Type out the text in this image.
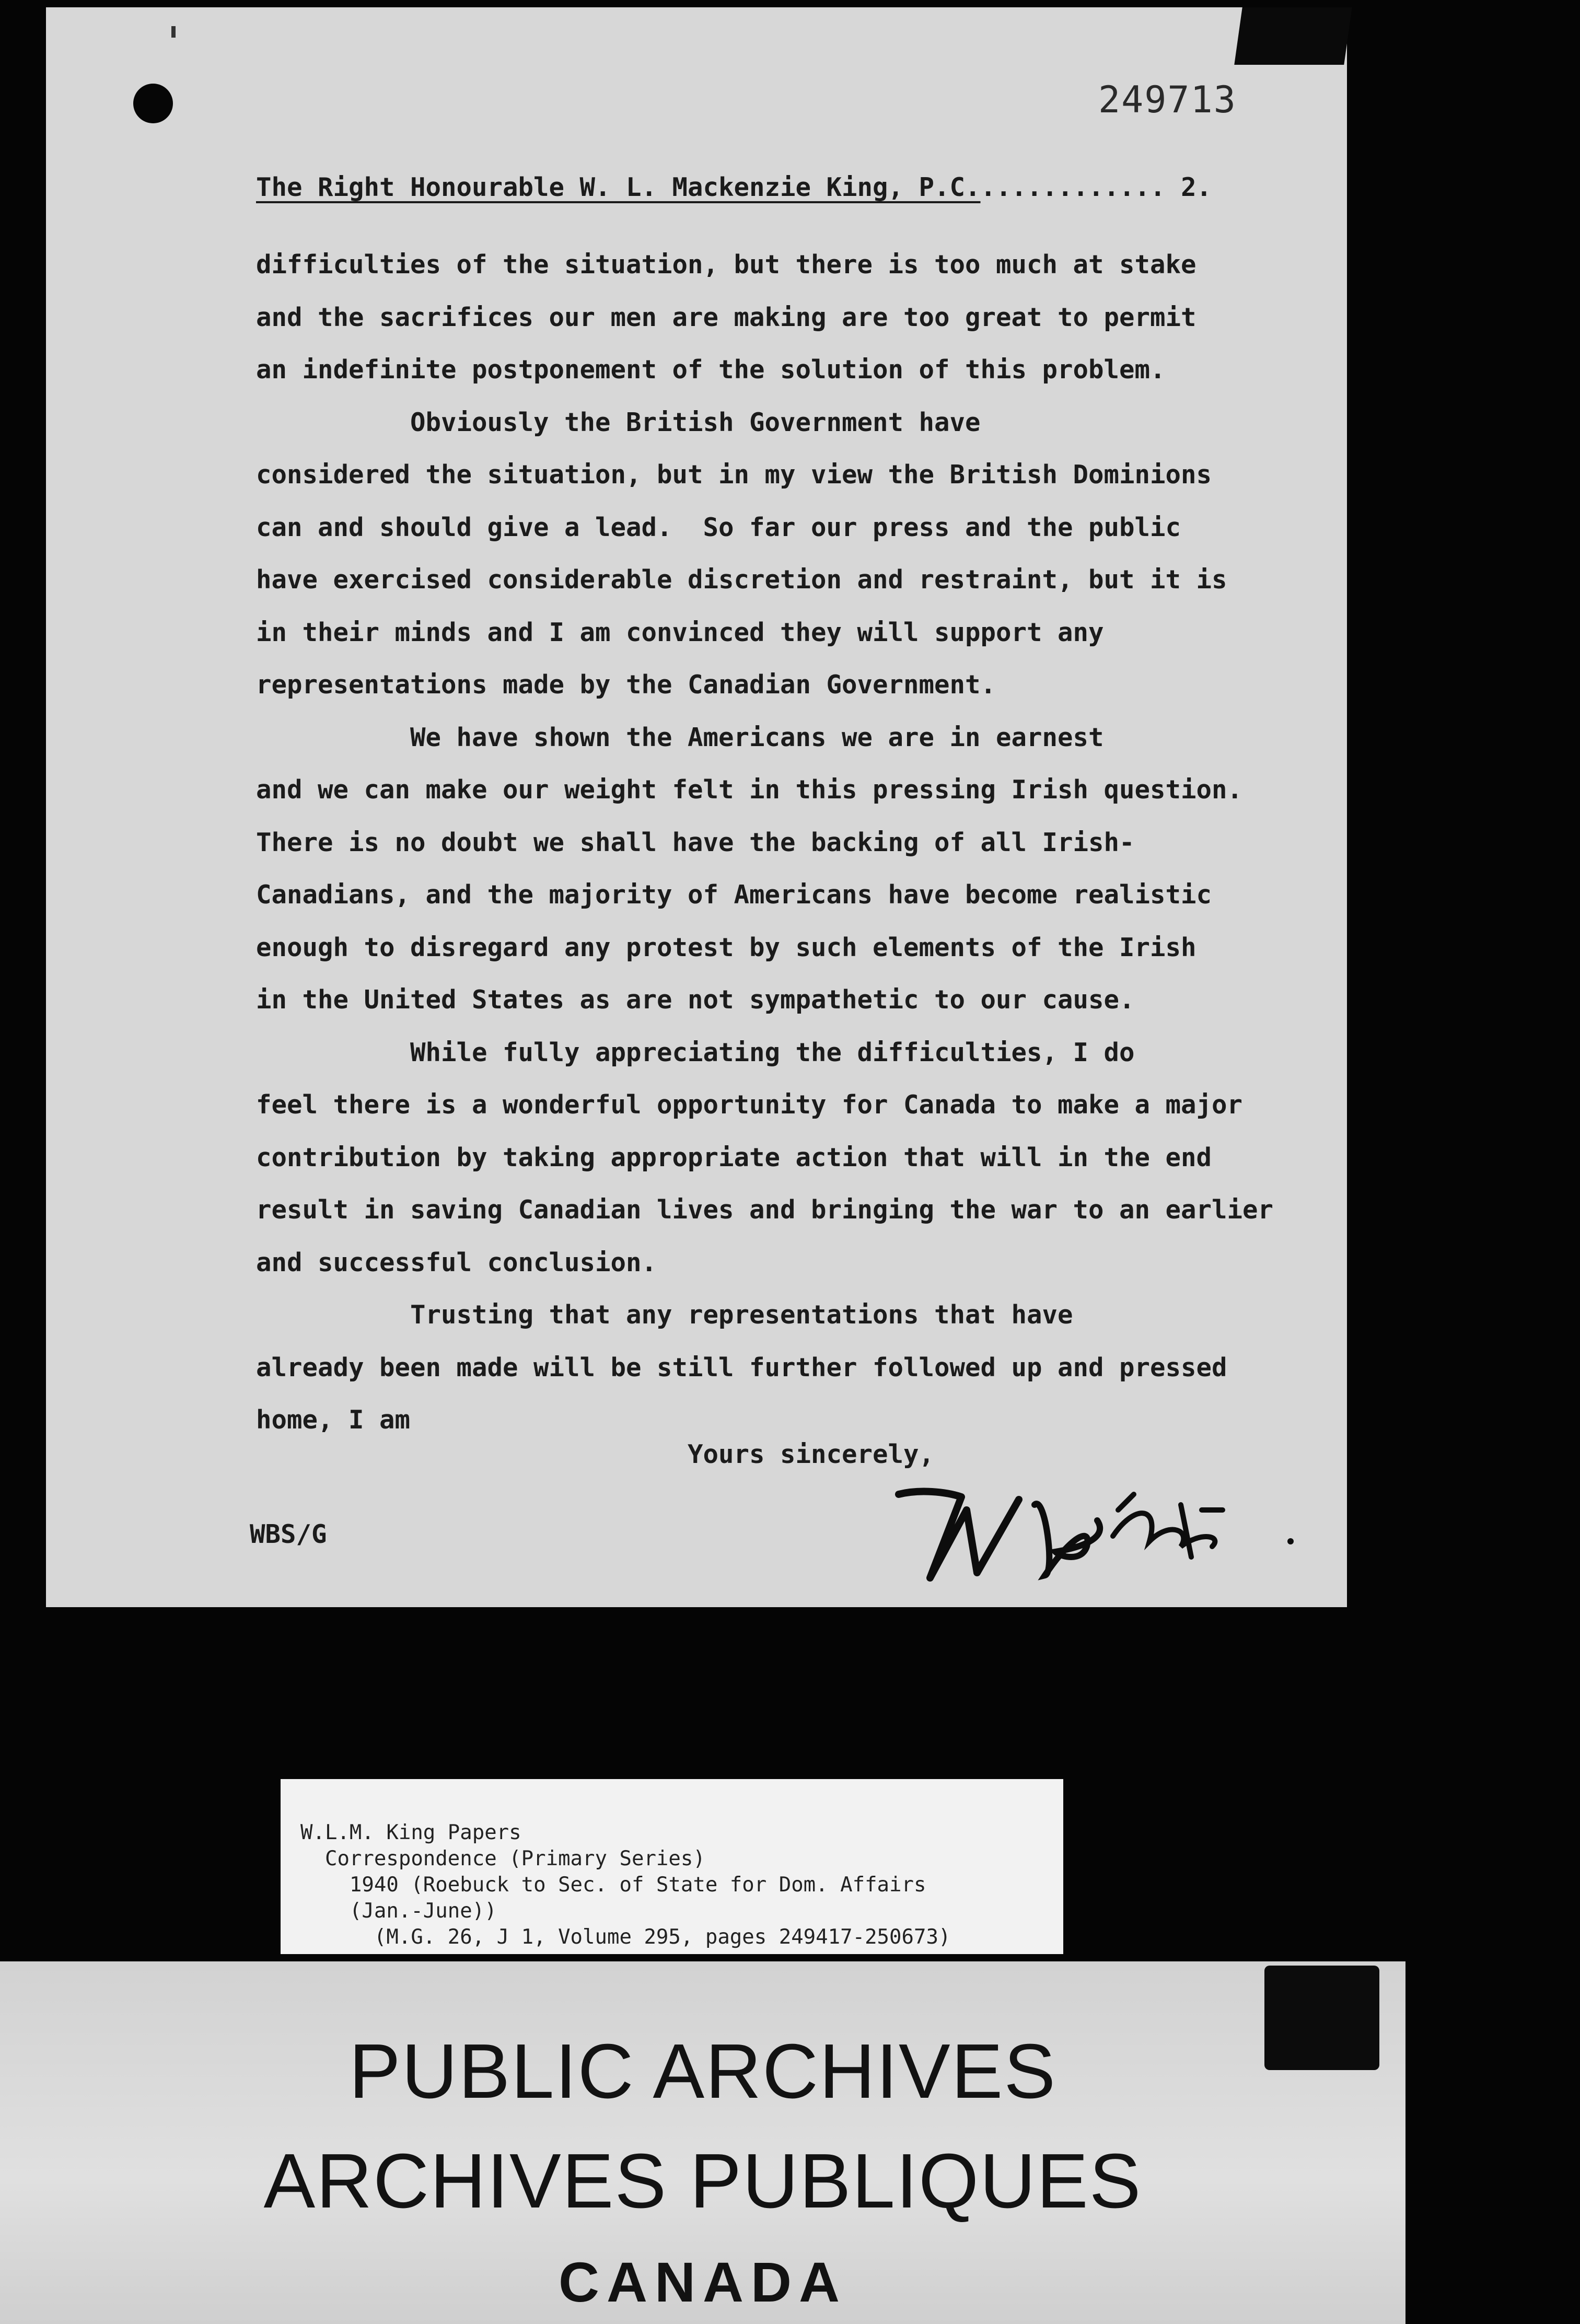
249713
The Right Honourable W. L. Mackenzie King, P.C............. 2.
difficulties of the situation, but there is too much at stake
and the sacrifices our men are making are too great to permit
an indefinite postponement of the solution of this problem.
Obviously the British Government have
considered the situation, but in my view the British Dominions
can and should give a lead.  So far our press and the public
have exercised considerable discretion and restraint, but it is
in their minds and I am convinced they will support any
representations made by the Canadian Government.
We have shown the Americans we are in earnest
and we can make our weight felt in this pressing Irish question.
There is no doubt we shall have the backing of all Irish-
Canadians, and the majority of Americans have become realistic
enough to disregard any protest by such elements of the Irish
in the United States as are not sympathetic to our cause.
While fully appreciating the difficulties, I do
feel there is a wonderful opportunity for Canada to make a major
contribution by taking appropriate action that will in the end
result in saving Canadian lives and bringing the war to an earlier
and successful conclusion.
Trusting that any representations that have
already been made will be still further followed up and pressed
home, I am
Yours sincerely,
WBS/G
W.L.M. King Papers
Correspondence (Primary Series)
1940 (Roebuck to Sec. of State for Dom. Affairs
(Jan.-June))
(M.G. 26, J 1, Volume 295, pages 249417-250673)
PUBLIC ARCHIVES
ARCHIVES PUBLIQUES
CANADA
